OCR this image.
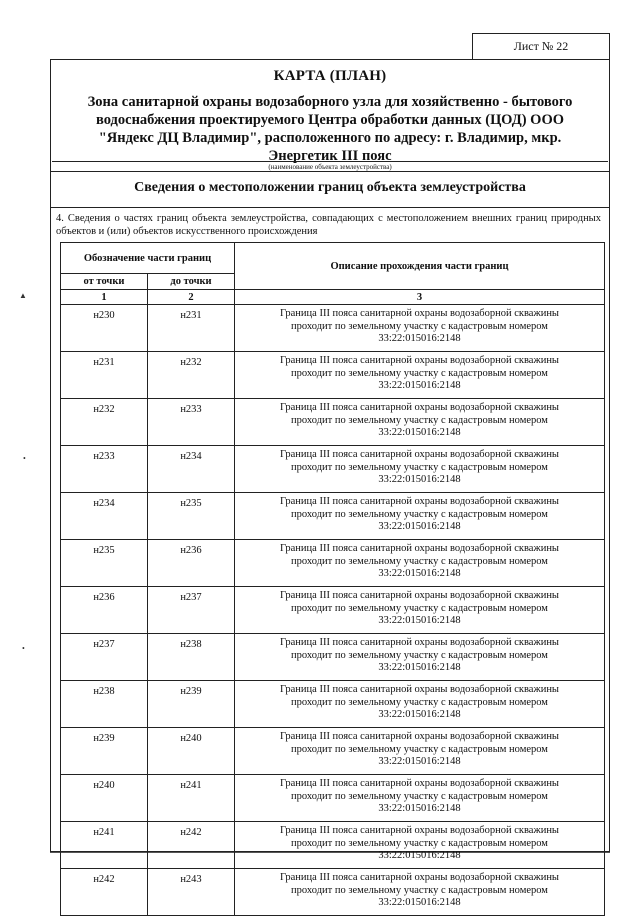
Лист № 22
КАРТА (ПЛАН)
Зона санитарной охраны водозаборного узла для хозяйственно - бытового
водоснабжения проектируемого Центра обработки данных (ЦОД) ООО
"Яндекс ДЦ Владимир", расположенного по адресу: г. Владимир, мкр.
Энергетик III пояс
(наименование объекта землеустройства)
Сведения о местоположении границ объекта землеустройства
4. Сведения о частях границ объекта землеустройства, совпадающих с местоположением внешних границ природных объектов и (или) объектов искусственного происхождения
Обозначение части границ		Описание прохождения части границ
от точки	до точки	
1	2	3
н230	н231	Граница III пояса санитарной охраны водозаборной скважины
проходит по земельному участку с кадастровым номером
33:22:015016:2148

н231	н232	Граница III пояса санитарной охраны водозаборной скважины
проходит по земельному участку с кадастровым номером
33:22:015016:2148

н232	н233	Граница III пояса санитарной охраны водозаборной скважины
проходит по земельному участку с кадастровым номером
33:22:015016:2148

н233	н234	Граница III пояса санитарной охраны водозаборной скважины
проходит по земельному участку с кадастровым номером
33:22:015016:2148

н234	н235	Граница III пояса санитарной охраны водозаборной скважины
проходит по земельному участку с кадастровым номером
33:22:015016:2148

н235	н236	Граница III пояса санитарной охраны водозаборной скважины
проходит по земельному участку с кадастровым номером
33:22:015016:2148

н236	н237	Граница III пояса санитарной охраны водозаборной скважины
проходит по земельному участку с кадастровым номером
33:22:015016:2148

н237	н238	Граница III пояса санитарной охраны водозаборной скважины
проходит по земельному участку с кадастровым номером
33:22:015016:2148

н238	н239	Граница III пояса санитарной охраны водозаборной скважины
проходит по земельному участку с кадастровым номером
33:22:015016:2148

н239	н240	Граница III пояса санитарной охраны водозаборной скважины
проходит по земельному участку с кадастровым номером
33:22:015016:2148

н240	н241	Граница III пояса санитарной охраны водозаборной скважины
проходит по земельному участку с кадастровым номером
33:22:015016:2148

н241	н242	Граница III пояса санитарной охраны водозаборной скважины
проходит по земельному участку с кадастровым номером
33:22:015016:2148

н242	н243	Граница III пояса санитарной охраны водозаборной скважины
проходит по земельному участку с кадастровым номером
33:22:015016:2148
▲
•
•
